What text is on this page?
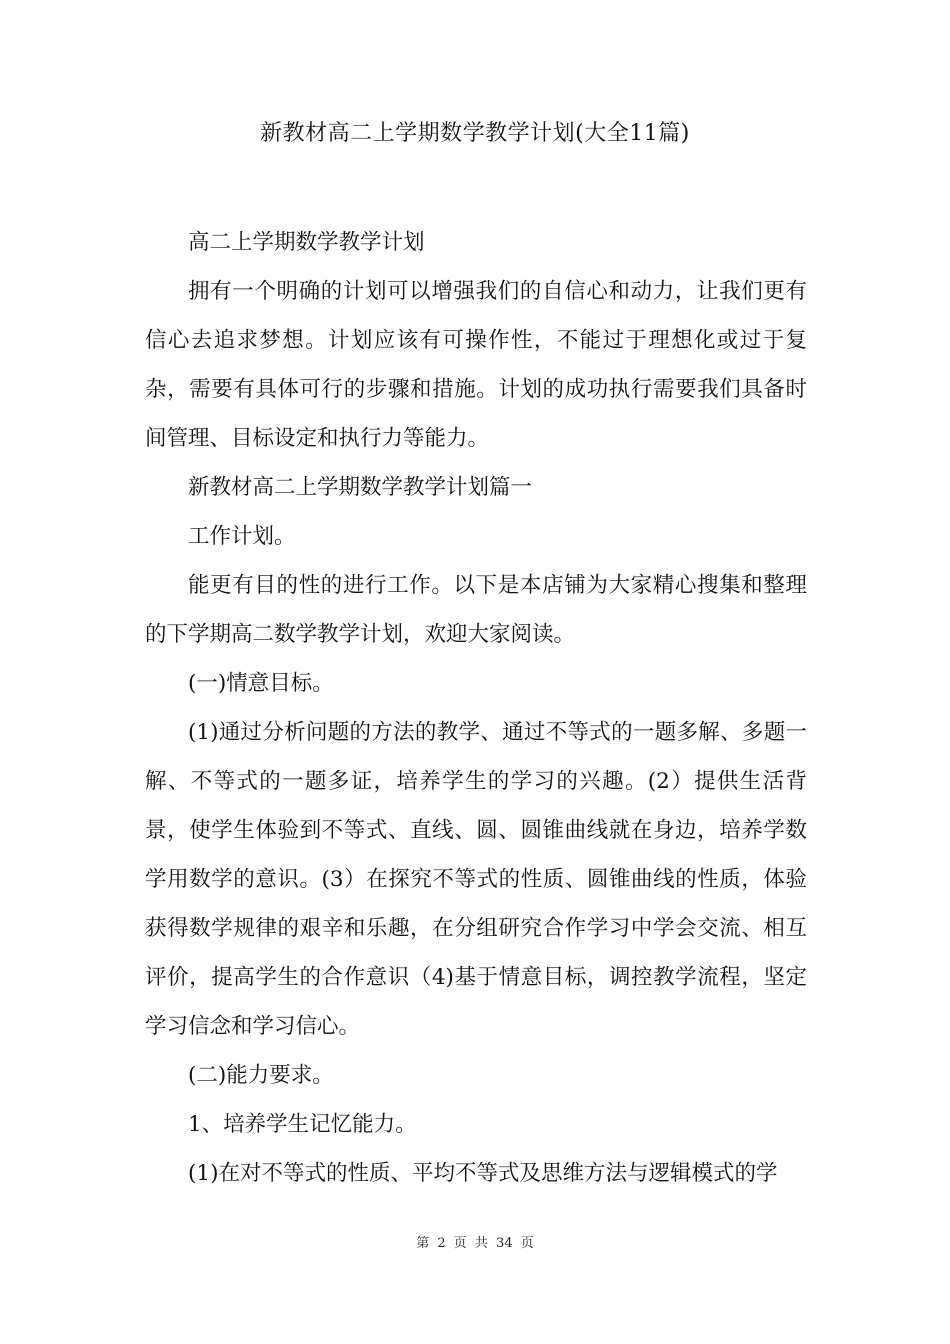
新教材高二上学期数学教学计划(大全11篇)

高二上学期数学教学计划

拥有一个明确的计划可以增强我们的自信心和动力，让我们更有信心去追求梦想。计划应该有可操作性，不能过于理想化或过于复杂，需要有具体可行的步骤和措施。计划的成功执行需要我们具备时间管理、目标设定和执行力等能力。

新教材高二上学期数学教学计划篇一

工作计划。

能更有目的性的进行工作。以下是本店铺为大家精心搜集和整理的下学期高二数学教学计划，欢迎大家阅读。

(一)情意目标。

(1)通过分析问题的方法的教学、通过不等式的一题多解、多题一解、不等式的一题多证，培养学生的学习的兴趣。(2）提供生活背景，使学生体验到不等式、直线、圆、圆锥曲线就在身边，培养学数学用数学的意识。(3）在探究不等式的性质、圆锥曲线的性质，体验获得数学规律的艰辛和乐趣，在分组研究合作学习中学会交流、相互评价，提高学生的合作意识（4)基于情意目标，调控教学流程，坚定学习信念和学习信心。

(二)能力要求。

1、培养学生记忆能力。

(1)在对不等式的性质、平均不等式及思维方法与逻辑模式的学

第 2 页 共 34 页
